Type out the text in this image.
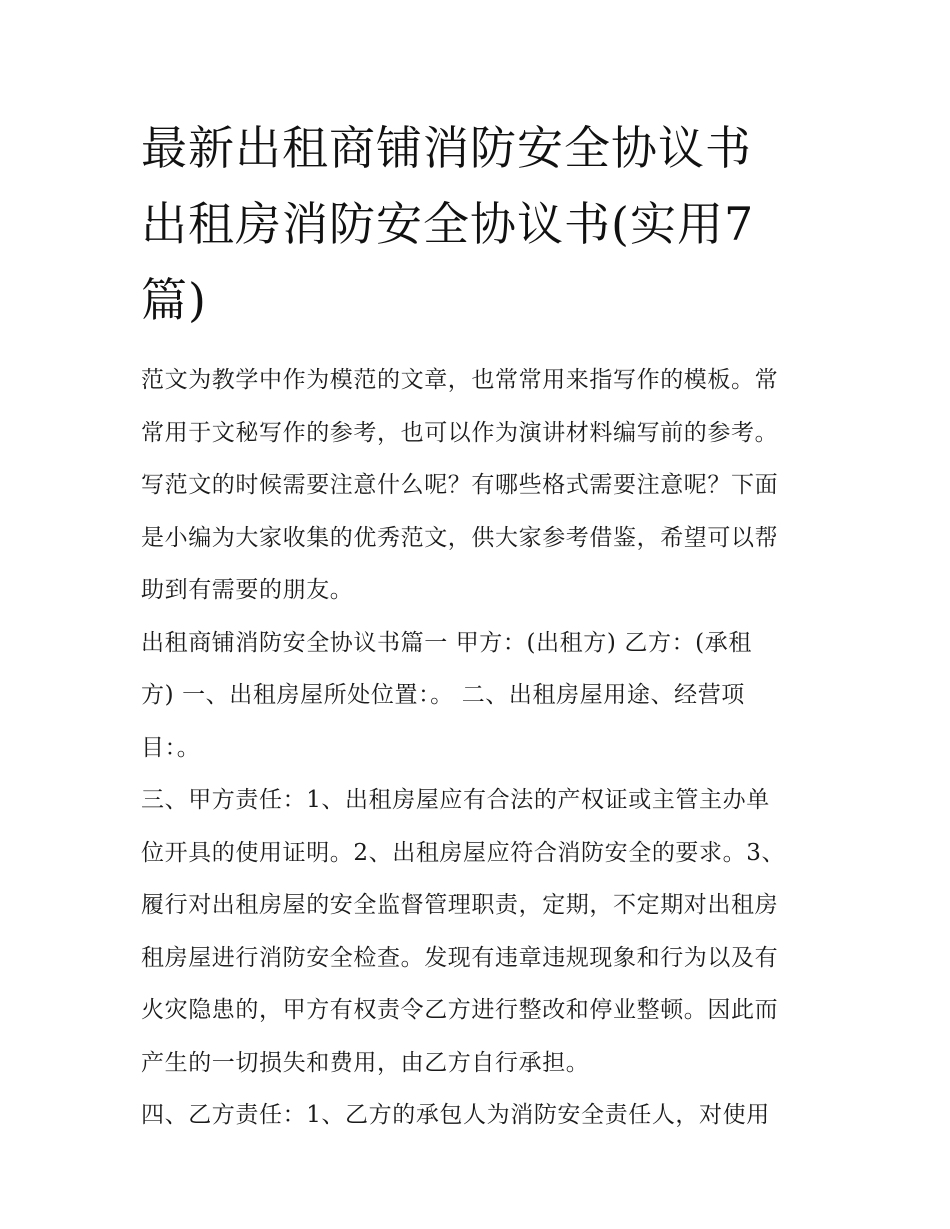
最新出租商铺消防安全协议书
出租房消防安全协议书(实用7
篇)
范文为教学中作为模范的文章，也常常用来指写作的模板。常
常用于文秘写作的参考，也可以作为演讲材料编写前的参考。
写范文的时候需要注意什么呢？有哪些格式需要注意呢？下面
是小编为大家收集的优秀范文，供大家参考借鉴，希望可以帮
助到有需要的朋友。
出租商铺消防安全协议书篇一 甲方：(出租方) 乙方：(承租
方) 一、出租房屋所处位置：。 二、出租房屋用途、经营项
目：。
三、甲方责任：1、出租房屋应有合法的产权证或主管主办单
位开具的使用证明。2、出租房屋应符合消防安全的要求。3、
履行对出租房屋的安全监督管理职责，定期，不定期对出租房
租房屋进行消防安全检查。发现有违章违规现象和行为以及有
火灾隐患的，甲方有权责令乙方进行整改和停业整顿。因此而
产生的一切损失和费用，由乙方自行承担。
四、乙方责任：1、乙方的承包人为消防安全责任人，对使用
